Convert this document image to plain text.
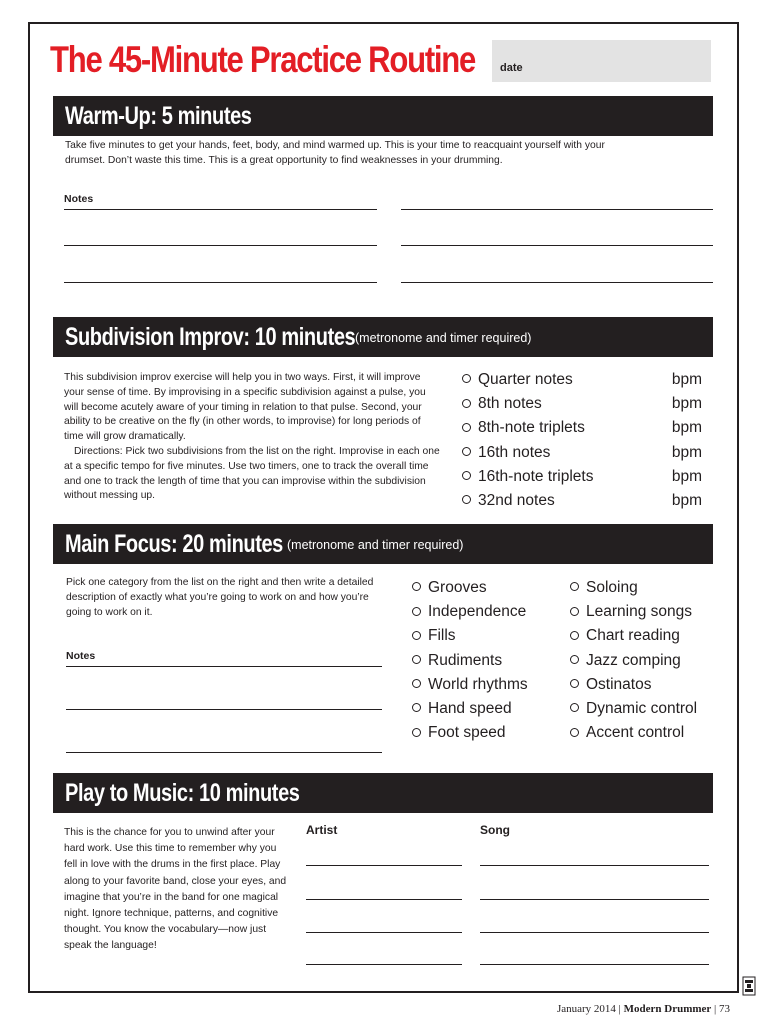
The 45-Minute Practice Routine date
Warm-Up: 5 minutes
Take five minutes to get your hands, feet, body, and mind warmed up. This is your time to reacquaint yourself with your drumset. Don’t waste this time. This is a great opportunity to find weaknesses in your drumming.
Notes
Subdivision Improv: 10 minutes (metronome and timer required)
This subdivision improv exercise will help you in two ways. First, it will improve your sense of time. By improvising in a specific subdivision against a pulse, you will become acutely aware of your timing in relation to that pulse. Second, your ability to be creative on the fly (in other words, to improvise) for long periods of time will grow dramatically.
Directions: Pick two subdivisions from the list on the right. Improvise in each one at a specific tempo for five minutes. Use two timers, one to track the overall time and one to track the length of time that you can improvise within the subdivision without messing up.
Quarter notes	bpm
8th notes	bpm
8th-note triplets	bpm
16th notes	bpm
16th-note triplets	bpm
32nd notes	bpm
Main Focus: 20 minutes (metronome and timer required)
Pick one category from the list on the right and then write a detailed description of exactly what you’re going to work on and how you’re going to work on it.
Notes
Grooves
Independence
Fills
Rudiments
World rhythms
Hand speed
Foot speed
Soloing
Learning songs
Chart reading
Jazz comping
Ostinatos
Dynamic control
Accent control
Play to Music: 10 minutes
This is the chance for you to unwind after your hard work. Use this time to remember why you fell in love with the drums in the first place. Play along to your favorite band, close your eyes, and imagine that you’re in the band for one magical night. Ignore technique, patterns, and cognitive thought. You know the vocabulary—now just speak the language!
Artist	Song
January 2014 | Modern Drummer | 73
